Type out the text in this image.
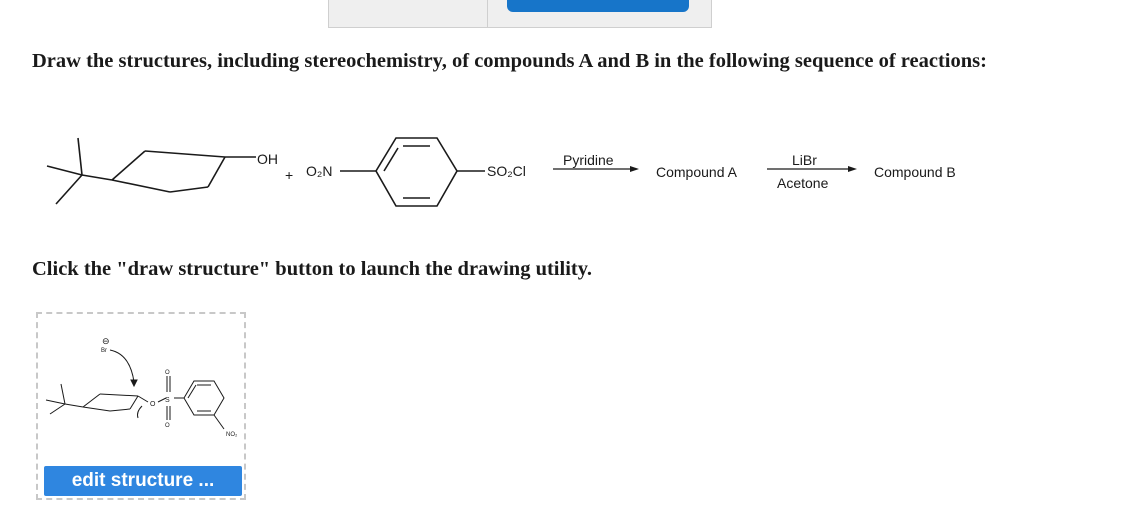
Draw the structures, including stereochemistry, of compounds A and B in the following sequence of reactions:

OH
+ O₂N	SO₂Cl
Pyridine
Compound A
LiBr
Acetone
Compound B

Click the "draw structure" button to launch the drawing utility.

⊖
Br
O
S
O
O
NO₂
edit structure ...
